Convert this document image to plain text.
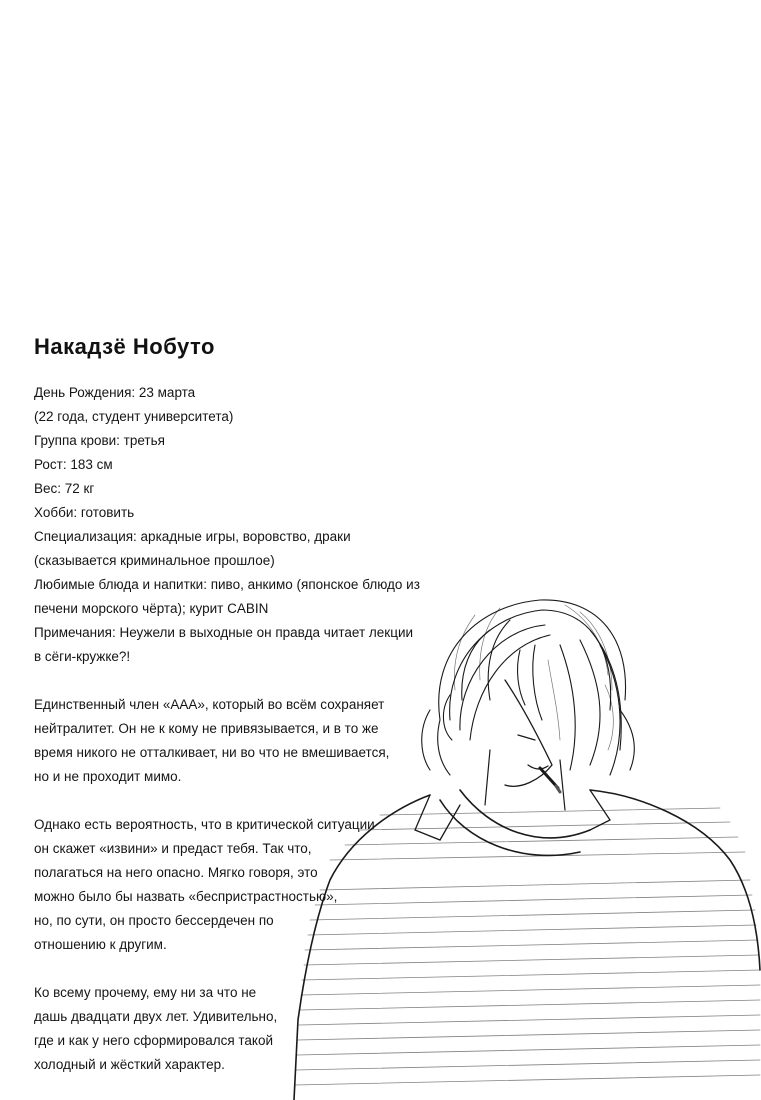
Накадзё Нобуто
День Рождения: 23 марта
(22 года, студент университета)
Группа крови: третья
Рост: 183 см
Вес: 72 кг
Хобби: готовить
Специализация: аркадные игры, воровство, драки
(сказывается криминальное прошлое)
Любимые блюда и напитки: пиво, анкимо (японское блюдо из
печени морского чёрта); курит CABIN
Примечания: Неужели в выходные он правда читает лекции
в сёги-кружке?!
Единственный член «ААА», который во всём сохраняет
нейтралитет. Он не к кому не привязывается, и в то же
время никого не отталкивает, ни во что не вмешивается,
но и не проходит мимо.
Однако есть вероятность, что в критической ситуации
он скажет «извини» и предаст тебя. Так что,
полагаться на него опасно. Мягко говоря, это
можно было бы назвать «беспристрастностью»,
но, по сути, он просто бессердечен по
отношению к другим.
Ко всему прочему, ему ни за что не
дашь двадцати двух лет. Удивительно,
где и как у него сформировался такой
холодный и жёсткий характер.
